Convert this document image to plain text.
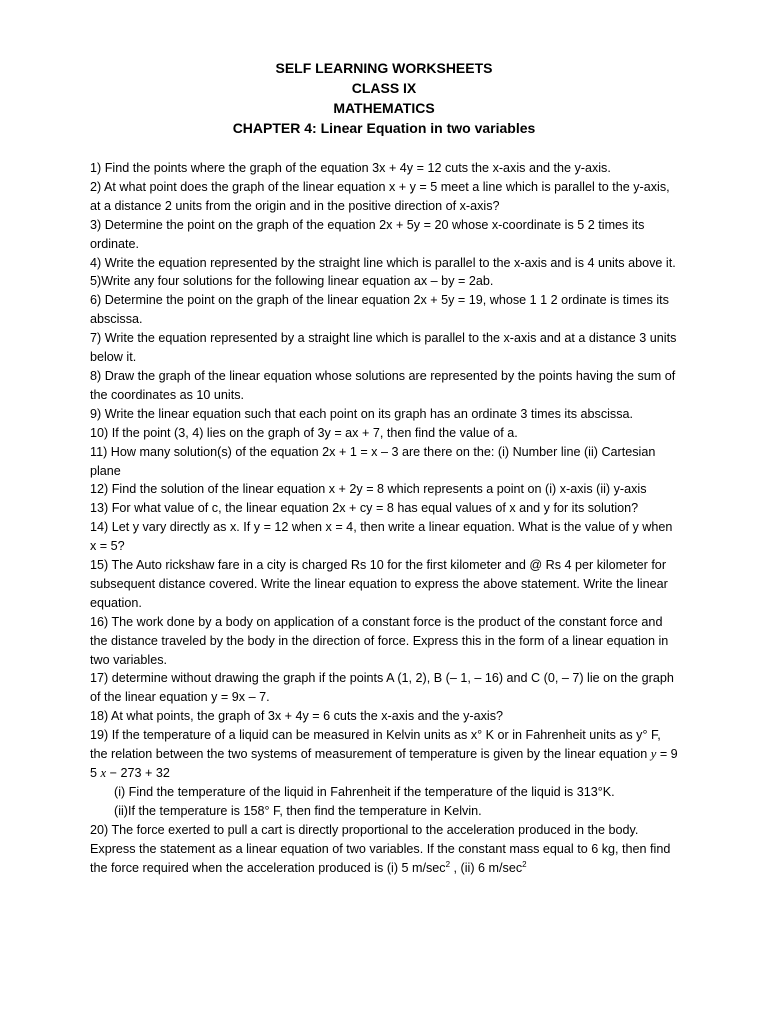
SELF LEARNING WORKSHEETS
CLASS IX
MATHEMATICS
CHAPTER 4: Linear Equation in two variables

1) Find the points where the graph of the equation 3x + 4y = 12 cuts the x-axis and the y-axis.

2) At what point does the graph of the linear equation x + y = 5 meet a line which is parallel to the y-axis, at a distance 2 units from the origin and in the positive direction of x-axis?

3) Determine the point on the graph of the equation 2x + 5y = 20 whose x-coordinate is 5 2 times its ordinate.

4) Write the equation represented by the straight line which is parallel to the x-axis and is 4 units above it.

5)Write any four solutions for the following linear equation ax – by = 2ab.

6) Determine the point on the graph of the linear equation 2x + 5y = 19, whose 1 1 2 ordinate is times its abscissa.

7) Write the equation represented by a straight line which is parallel to the x-axis and at a distance 3 units below it.

8) Draw the graph of the linear equation whose solutions are represented by the points having the sum of the coordinates as 10 units.

9) Write the linear equation such that each point on its graph has an ordinate 3 times its abscissa.

10) If the point (3, 4) lies on the graph of 3y = ax + 7, then find the value of a.

11) How many solution(s) of the equation 2x + 1 = x – 3 are there on the: (i) Number line (ii) Cartesian plane

12) Find the solution of the linear equation x + 2y = 8 which represents a point on (i) x-axis (ii) y-axis

13) For what value of c, the linear equation 2x + cy = 8 has equal values of x and y for its solution?

14) Let y vary directly as x. If y = 12 when x = 4, then write a linear equation. What is the value of y when x = 5?

15) The Auto rickshaw fare in a city is charged Rs 10 for the first kilometer and @ Rs 4 per kilometer for subsequent distance covered. Write the linear equation to express the above statement. Write the linear equation.

16) The work done by a body on application of a constant force is the product of the constant force and the distance traveled by the body in the direction of force. Express this in the form of a linear equation in two variables.

17) determine without drawing the graph if the points A (1, 2), B (– 1, – 16) and C (0, – 7) lie on the graph of the linear equation y = 9x – 7.

18) At what points, the graph of 3x + 4y = 6 cuts the x-axis and the y-axis?

19) If the temperature of a liquid can be measured in Kelvin units as x° K or in Fahrenheit units as y° F, the relation between the two systems of measurement of temperature is given by the linear equation y = 9 5 x − 273 + 32

(i) Find the temperature of the liquid in Fahrenheit if the temperature of the liquid is 313°K.

(ii)If the temperature is 158° F, then find the temperature in Kelvin.

20) The force exerted to pull a cart is directly proportional to the acceleration produced in the body. Express the statement as a linear equation of two variables. If the constant mass equal to 6 kg, then find the force required when the acceleration produced is (i) 5 $m/\sec^2$ , (ii) 6 $m/\sec^2$
